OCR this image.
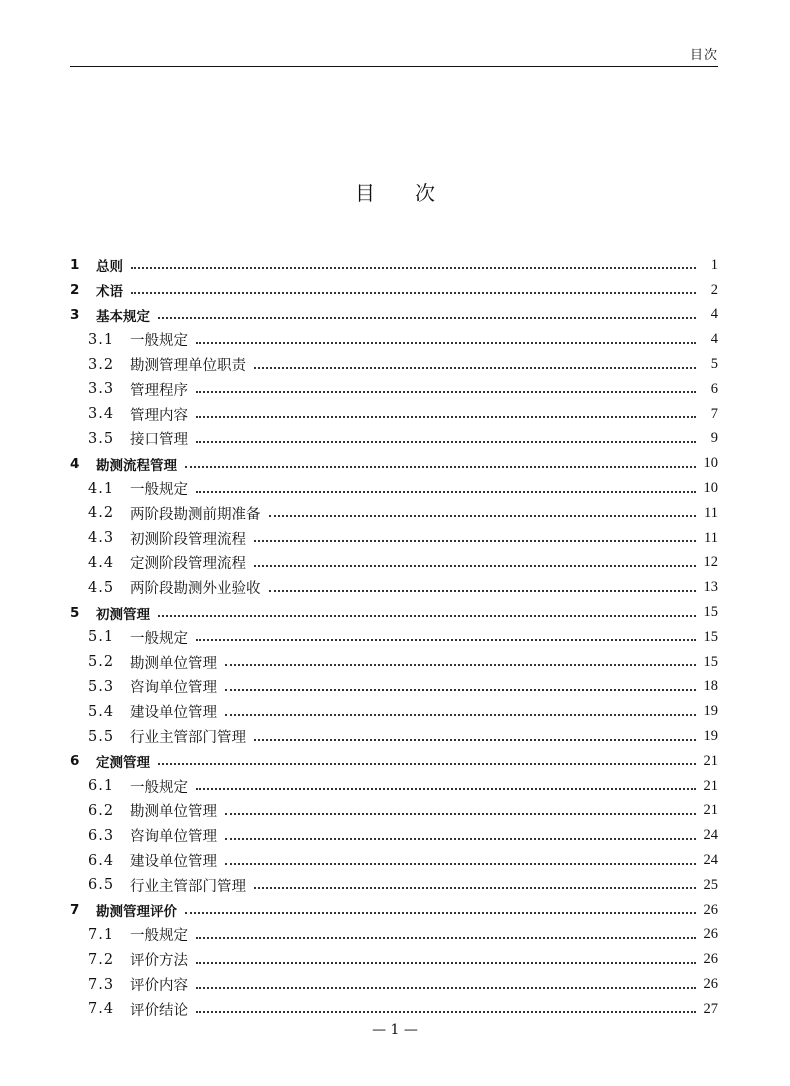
目次
目次
1	总则	1
2	术语	2
3	基本规定	4
3.1	一般规定	4
3.2	勘测管理单位职责	5
3.3	管理程序	6
3.4	管理内容	7
3.5	接口管理	9
4	勘测流程管理	10
4.1	一般规定	10
4.2	两阶段勘测前期准备	11
4.3	初测阶段管理流程	11
4.4	定测阶段管理流程	12
4.5	两阶段勘测外业验收	13
5	初测管理	15
5.1	一般规定	15
5.2	勘测单位管理	15
5.3	咨询单位管理	18
5.4	建设单位管理	19
5.5	行业主管部门管理	19
6	定测管理	21
6.1	一般规定	21
6.2	勘测单位管理	21
6.3	咨询单位管理	24
6.4	建设单位管理	24
6.5	行业主管部门管理	25
7	勘测管理评价	26
7.1	一般规定	26
7.2	评价方法	26
7.3	评价内容	26
7.4	评价结论	27
— 1 —
